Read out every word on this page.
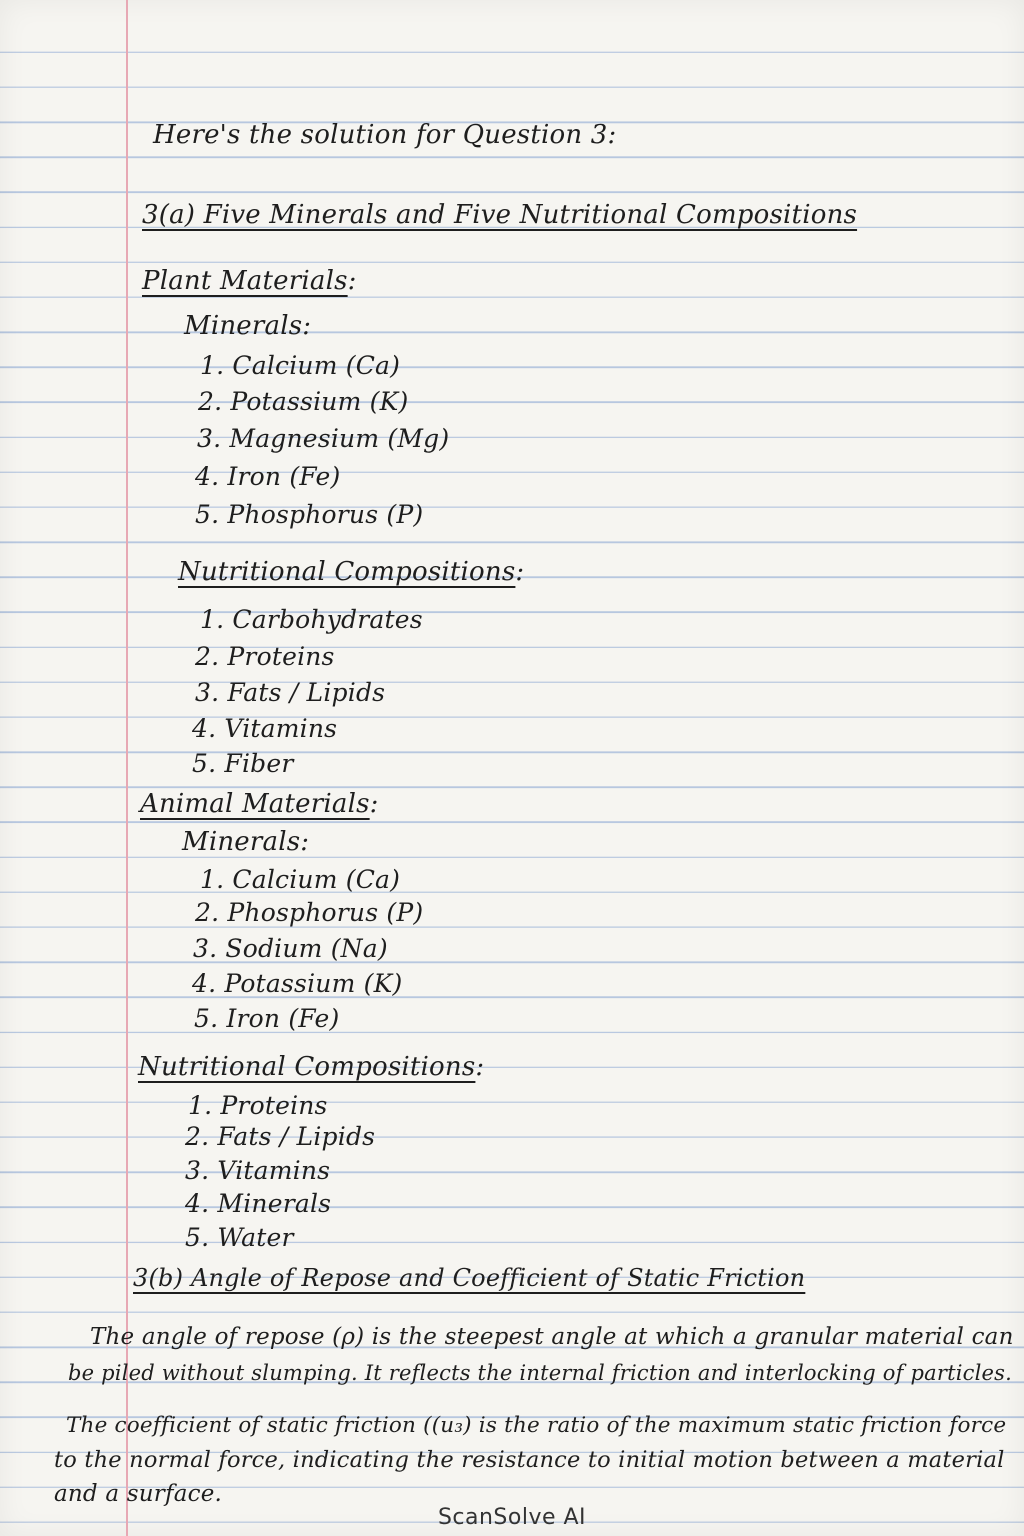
Here's the solution for Question 3:
3(a) Five Minerals and Five Nutritional Compositions
Plant Materials:
Minerals:
1. Calcium (Ca)
2. Potassium (K)
3. Magnesium (Mg)
4. Iron (Fe)
5. Phosphorus (P)
Nutritional Compositions:
1. Carbohydrates
2. Proteins
3. Fats / Lipids
4. Vitamins
5. Fiber
Animal Materials:
Minerals:
1. Calcium (Ca)
2. Phosphorus (P)
3. Sodium (Na)
4. Potassium (K)
5. Iron (Fe)
Nutritional Compositions:
1. Proteins
2. Fats / Lipids
3. Vitamins
4. Minerals
5. Water
3(b) Angle of Repose and Coefficient of Static Friction
The angle of repose (ρ) is the steepest angle at which a granular material can
be piled without slumping. It reflects the internal friction and interlocking of particles.
The coefficient of static friction ((u₃) is the ratio of the maximum static friction force
to the normal force, indicating the resistance to initial motion between a material
and a surface.
ScanSolve AI
